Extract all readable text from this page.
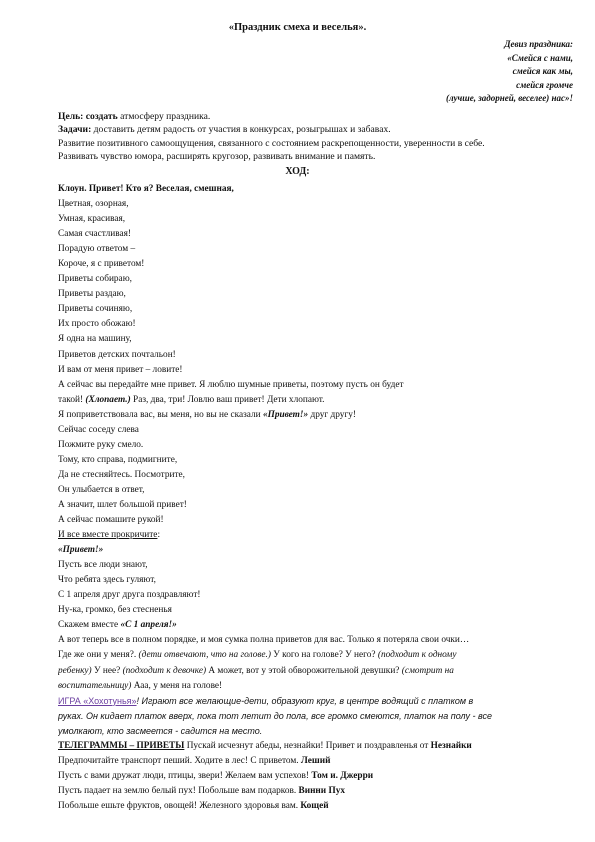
«Праздник смеха и веселья».
Девиз праздника:
«Смейся с нами,
смейся как мы,
смейся громче
(лучше, задорней, веселее) нас»!
Цель: создать атмосферу праздника.
Задачи: доставить детям радость от участия в конкурсах, розыгрышах и забавах.
Развитие позитивного самоощущения, связанного с состоянием раскрепощенности, уверенности в себе.
Развивать чувство юмора, расширять кругозор, развивать внимание и память.
ХОД:
Клоун. Привет! Кто я? Веселая, смешная,
Цветная, озорная,
Умная, красивая,
Самая счастливая!
Порадую ответом –
Короче, я с приветом!
Приветы собираю,
Приветы раздаю,
Приветы сочиняю,
Их просто обожаю!
Я одна на машину,
Приветов детских почтальон!
И вам от меня привет – ловите!
А сейчас вы передайте мне привет. Я люблю шумные приветы, поэтому пусть он будет
такой! (Хлопает.) Раз, два, три! Ловлю ваш привет! Дети хлопают.
Я поприветствовала вас, вы меня, но вы не сказали «Привет!» друг другу!
Сейчас соседу слева
Пожмите руку смело.
Тому, кто справа, подмигните,
Да не стесняйтесь. Посмотрите,
Он улыбается в ответ,
А значит, шлет большой привет!
А сейчас помашите рукой!
И все вместе прокричите:
«Привет!»
Пусть все люди знают,
Что ребята здесь гуляют,
С 1 апреля друг друга поздравляют!
Ну-ка, громко, без стесненья
Скажем вместе «С 1 апреля!»
А вот теперь все в полном порядке, и моя сумка полна приветов для вас. Только я потеряла свои очки…
Где же они у меня?. (дети отвечают, что на голове.) У кого на голове? У него? (подходит к одному
ребенку) У нее? (подходит к девочке) А может, вот у этой обворожительной девушки? (смотрит на
воспитательницу) Ааа, у меня на голове!
ИГРА «Хохотунья»! Играют все желающие-дети, образуют круг, в центре водящий с платком в
руках. Он кидает платок вверх, пока тот летит до пола, все громко смеются, платок на полу - все
умолкают, кто засмеется - садится на место.
ТЕЛЕГРАММЫ – ПРИВЕТЫ Пускай исчезнут абеды, незнайки! Привет и поздравленья от Незнайки
Предпочитайте транспорт пеший. Ходите в лес! С приветом. Леший
Пусть с вами дружат люди, птицы, звери! Желаем вам успехов! Том и. Джерри
Пусть падает на землю белый пух! Побольше вам подарков. Винни Пух
Побольше ешьте фруктов, овощей! Железного здоровья вам. Кощей
